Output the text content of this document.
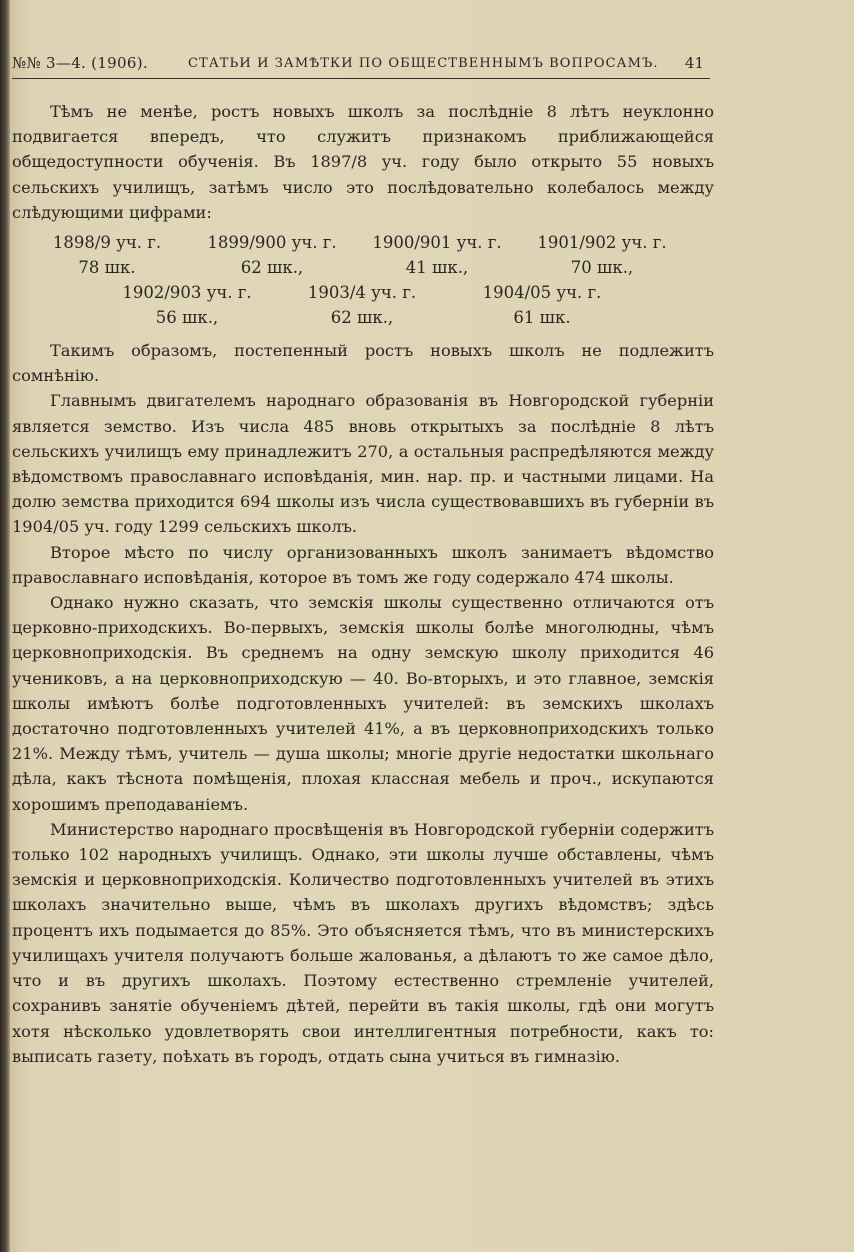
№№ 3—4. (1906).	СТАТЬИ И ЗАМѢТКИ ПО ОБЩЕСТВЕННЫМЪ ВОПРОСАМЪ. 41

Тѣмъ не менѣе, ростъ новыхъ школъ за послѣдніе 8 лѣтъ неуклонно подвигается впередъ, что служитъ признакомъ приближающейся общедоступности обученія. Въ 1897/8 уч. году было открыто 55 новыхъ сельскихъ училищъ, затѣмъ число это послѣдовательно колебалось между слѣдующими цифрами:

1898/9 уч. г.
78 шк.
1899/900 уч. г.
62 шк.,
1900/901 уч. г.
41 шк.,
1901/902 уч. г.
70 шк.,
1902/903 уч. г.
56 шк.,
1903/4 уч. г.
62 шк.,
1904/05 уч. г.
61 шк.

Такимъ образомъ, постепенный ростъ новыхъ школъ не подлежитъ сомнѣнію.

Главнымъ двигателемъ народнаго образованія въ Новгородской губерніи является земство. Изъ числа 485 вновь открытыхъ за послѣдніе 8 лѣтъ сельскихъ училищъ ему принадлежитъ 270, а остальныя распредѣляются между вѣдомствомъ православнаго исповѣданія, мин. нар. пр. и частными лицами. На долю земства приходится 694 школы изъ числа существовавшихъ въ губерніи въ 1904/05 уч. году 1299 сельскихъ школъ.

Второе мѣсто по числу организованныхъ школъ занимаетъ вѣдомство православнаго исповѣданія, которое въ томъ же году содержало 474 школы.

Однако нужно сказать, что земскія школы существенно отличаются отъ церковно-приходскихъ. Во-первыхъ, земскія школы болѣе многолюдны, чѣмъ церковноприходскія. Въ среднемъ на одну земскую школу приходится 46 учениковъ, а на церковноприходскую — 40. Во-вторыхъ, и это главное, земскія школы имѣютъ болѣе подготовленныхъ учителей: въ земскихъ школахъ достаточно подготовленныхъ учителей 41%, а въ церковноприходскихъ только 21%. Между тѣмъ, учитель — душа школы; многіе другіе недостатки школьнаго дѣла, какъ тѣснота помѣщенія, плохая классная мебель и проч., искупаются хорошимъ преподаваніемъ.

Министерство народнаго просвѣщенія въ Новгородской губерніи содержитъ только 102 народныхъ училищъ. Однако, эти школы лучше обставлены, чѣмъ земскія и церковноприходскія. Количество подготовленныхъ учителей въ этихъ школахъ значительно выше, чѣмъ въ школахъ другихъ вѣдомствъ; здѣсь процентъ ихъ подымается до 85%. Это объясняется тѣмъ, что въ министерскихъ училищахъ учителя получаютъ больше жалованья, а дѣлаютъ то же самое дѣло, что и въ другихъ школахъ. Поэтому естественно стремленіе учителей, сохранивъ занятіе обученіемъ дѣтей, перейти въ такія школы, гдѣ они могутъ хотя нѣсколько удовлетворять свои интеллигентныя потребности, какъ то: выписать газету, поѣхать въ городъ, отдать сына учиться въ гимназію.
